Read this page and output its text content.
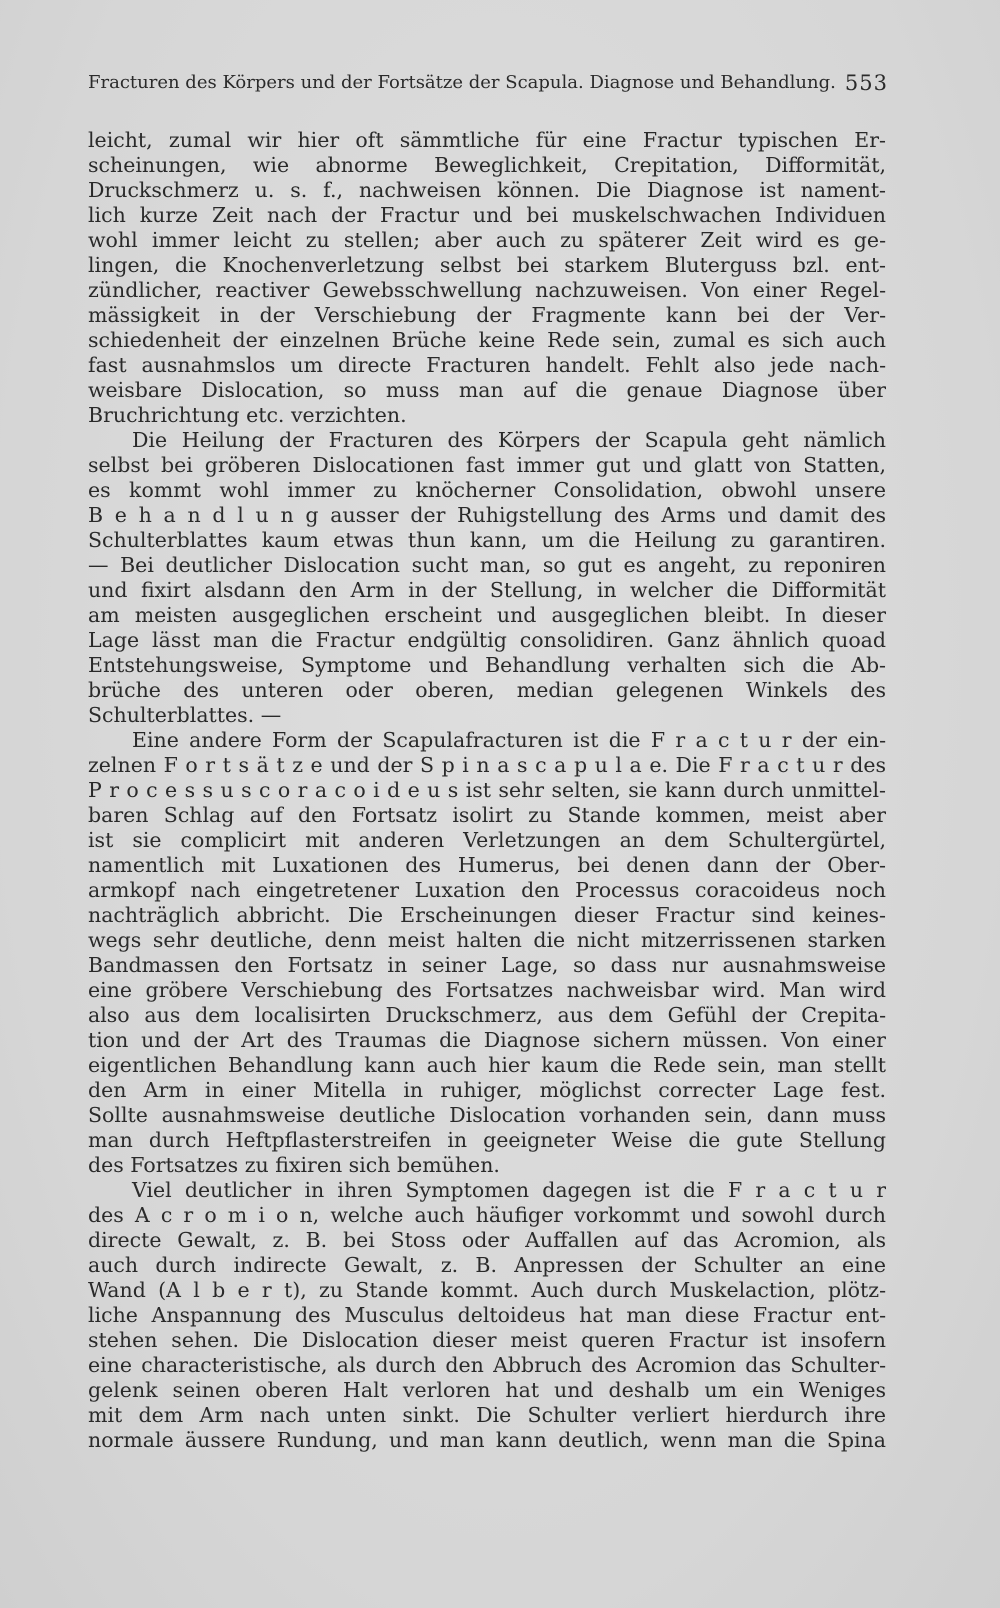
Fracturen des Körpers und der Fortsätze der Scapula. Diagnose und Behandlung. 553
leicht, zumal wir hier oft sämmtliche für eine Fractur typischen Er-
scheinungen, wie abnorme Beweglichkeit, Crepitation, Difformität,
Druckschmerz u. s. f., nachweisen können. Die Diagnose ist nament-
lich kurze Zeit nach der Fractur und bei muskelschwachen Individuen
wohl immer leicht zu stellen; aber auch zu späterer Zeit wird es ge-
lingen, die Knochenverletzung selbst bei starkem Bluterguss bzl. ent-
zündlicher, reactiver Gewebsschwellung nachzuweisen. Von einer Regel-
mässigkeit in der Verschiebung der Fragmente kann bei der Ver-
schiedenheit der einzelnen Brüche keine Rede sein, zumal es sich auch
fast ausnahmslos um directe Fracturen handelt. Fehlt also jede nach-
weisbare Dislocation, so muss man auf die genaue Diagnose über
Bruchrichtung etc. verzichten.
Die Heilung der Fracturen des Körpers der Scapula geht nämlich
selbst bei gröberen Dislocationen fast immer gut und glatt von Statten,
es kommt wohl immer zu knöcherner Consolidation, obwohl unsere
B e h a n d l u n g ausser der Ruhigstellung des Arms und damit des
Schulterblattes kaum etwas thun kann, um die Heilung zu garantiren.
— Bei deutlicher Dislocation sucht man, so gut es angeht, zu reponiren
und fixirt alsdann den Arm in der Stellung, in welcher die Difformität
am meisten ausgeglichen erscheint und ausgeglichen bleibt. In dieser
Lage lässt man die Fractur endgültig consolidiren. Ganz ähnlich quoad
Entstehungsweise, Symptome und Behandlung verhalten sich die Ab-
brüche des unteren oder oberen, median gelegenen Winkels des
Schulterblattes. —
Eine andere Form der Scapulafracturen ist die F r a c t u r der ein-
zelnen F o r t s ä t z e und der S p i n a s c a p u l a e. Die F r a c t u r des
P r o c e s s u s c o r a c o i d e u s ist sehr selten, sie kann durch unmittel-
baren Schlag auf den Fortsatz isolirt zu Stande kommen, meist aber
ist sie complicirt mit anderen Verletzungen an dem Schultergürtel,
namentlich mit Luxationen des Humerus, bei denen dann der Ober-
armkopf nach eingetretener Luxation den Processus coracoideus noch
nachträglich abbricht. Die Erscheinungen dieser Fractur sind keines-
wegs sehr deutliche, denn meist halten die nicht mitzerrissenen starken
Bandmassen den Fortsatz in seiner Lage, so dass nur ausnahmsweise
eine gröbere Verschiebung des Fortsatzes nachweisbar wird. Man wird
also aus dem localisirten Druckschmerz, aus dem Gefühl der Crepita-
tion und der Art des Traumas die Diagnose sichern müssen. Von einer
eigentlichen Behandlung kann auch hier kaum die Rede sein, man stellt
den Arm in einer Mitella in ruhiger, möglichst correcter Lage fest.
Sollte ausnahmsweise deutliche Dislocation vorhanden sein, dann muss
man durch Heftpflasterstreifen in geeigneter Weise die gute Stellung
des Fortsatzes zu fixiren sich bemühen.
Viel deutlicher in ihren Symptomen dagegen ist die F r a c t u r
des A c r o m i o n, welche auch häufiger vorkommt und sowohl durch
directe Gewalt, z. B. bei Stoss oder Auffallen auf das Acromion, als
auch durch indirecte Gewalt, z. B. Anpressen der Schulter an eine
Wand (A l b e r t), zu Stande kommt. Auch durch Muskelaction, plötz-
liche Anspannung des Musculus deltoideus hat man diese Fractur ent-
stehen sehen. Die Dislocation dieser meist queren Fractur ist insofern
eine characteristische, als durch den Abbruch des Acromion das Schulter-
gelenk seinen oberen Halt verloren hat und deshalb um ein Weniges
mit dem Arm nach unten sinkt. Die Schulter verliert hierdurch ihre
normale äussere Rundung, und man kann deutlich, wenn man die Spina
